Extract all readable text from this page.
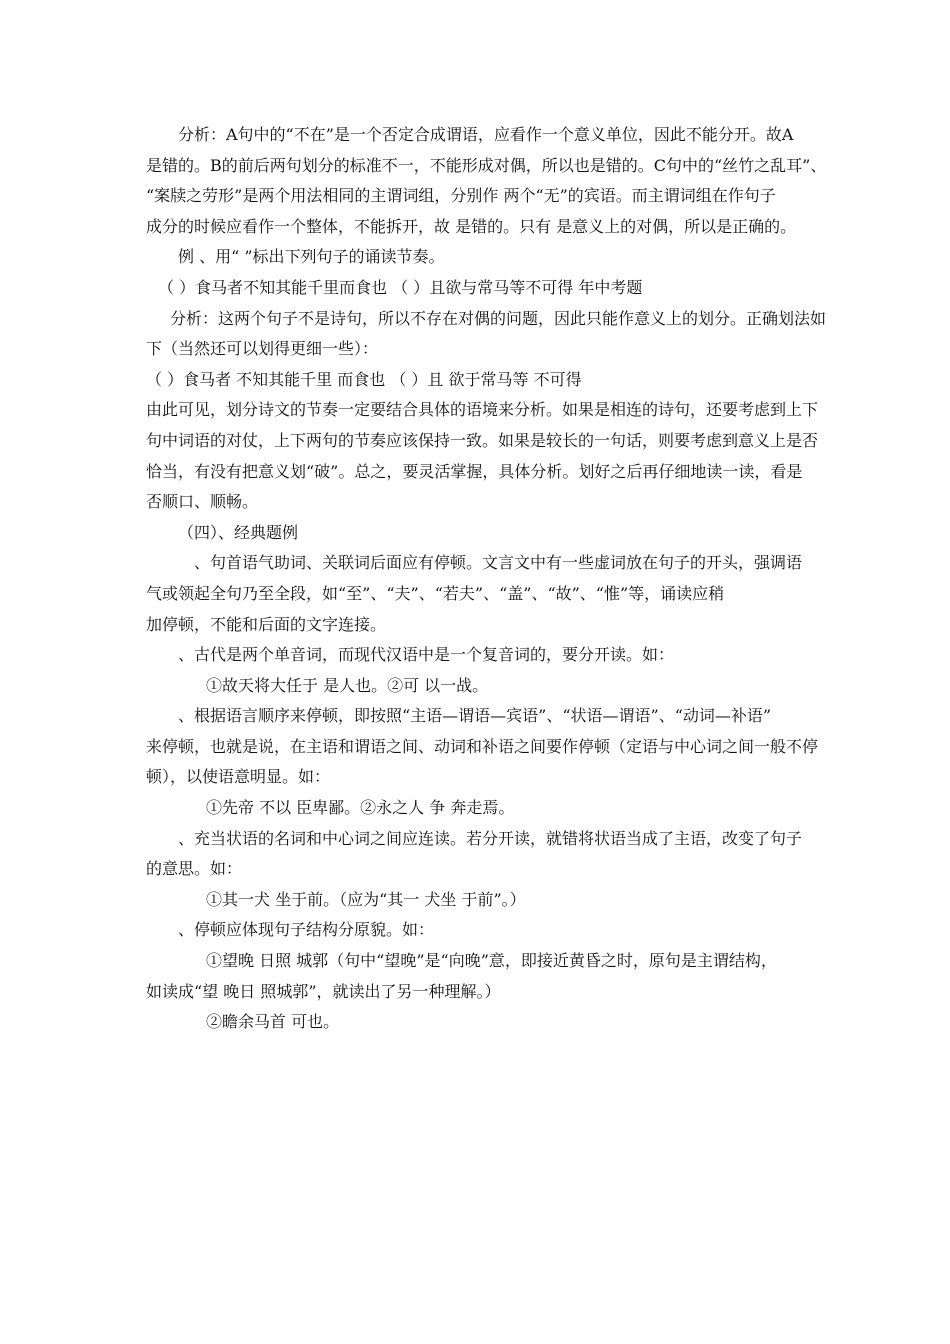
分析：A句中的“不在”是一个否定合成谓语，应看作一个意义单位，因此不能分开。故A

是错的。B的前后两句划分的标准不一，不能形成对偶，所以也是错的。C句中的“丝竹之乱耳”、

“案牍之劳形”是两个用法相同的主谓词组，分别作 两个“无”的宾语。而主谓词组在作句子

成分的时候应看作一个整体，不能拆开，故 是错的。只有 是意义上的对偶，所以是正确的。

例 、用“ ”标出下列句子的诵读节奏。

（ ）食马者不知其能千里而食也 （ ）且欲与常马等不可得 年中考题

分析：这两个句子不是诗句，所以不存在对偶的问题，因此只能作意义上的划分。正确划法如

下（当然还可以划得更细一些）：

（ ）食马者 不知其能千里 而食也 （ ）且 欲于常马等 不可得

由此可见，划分诗文的节奏一定要结合具体的语境来分析。如果是相连的诗句，还要考虑到上下

句中词语的对仗，上下两句的节奏应该保持一致。如果是较长的一句话，则要考虑到意义上是否

恰当，有没有把意义划“破”。总之，要灵活掌握，具体分析。划好之后再仔细地读一读，看是

否顺口、顺畅。

（四）、经典题例

、句首语气助词、关联词后面应有停顿。文言文中有一些虚词放在句子的开头，强调语

气或领起全句乃至全段，如“至”、“夫”、“若夫”、“盖”、“故”、“惟”等，诵读应稍

加停顿，不能和后面的文字连接。

、古代是两个单音词，而现代汉语中是一个复音词的，要分开读。如：

①故天将大任于 是人也。②可 以一战。

、根据语言顺序来停顿，即按照“主语—谓语—宾语”、“状语—谓语”、“动词—补语”

来停顿，也就是说，在主语和谓语之间、动词和补语之间要作停顿（定语与中心词之间一般不停

顿），以使语意明显。如：

①先帝 不以 臣卑鄙。②永之人 争 奔走焉。

、充当状语的名词和中心词之间应连读。若分开读，就错将状语当成了主语，改变了句子

的意思。如：

①其一犬 坐于前。（应为“其一 犬坐 于前”。）

、停顿应体现句子结构分原貌。如：

①望晚 日照 城郭（句中“望晚”是“向晚”意，即接近黄昏之时，原句是主谓结构，

如读成“望 晚日 照城郭”，就读出了另一种理解。）

②瞻余马首 可也。
